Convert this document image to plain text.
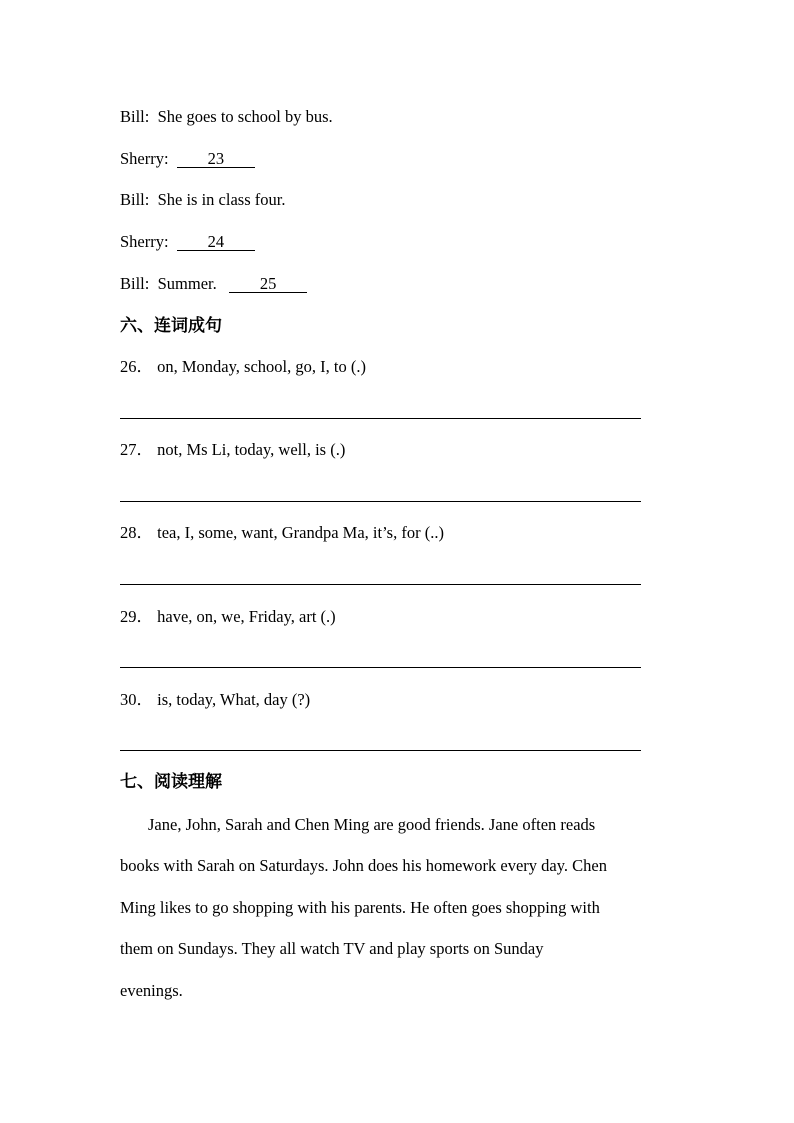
Bill: She goes to school by bus.
Sherry: 23
Bill: She is in class four.
Sherry: 24
Bill: Summer.	25
六、连词成句
26． on, Monday, school, go, I, to (.)
27． not, Ms Li, today, well, is (.)
28． tea, I, some, want, Grandpa Ma, it’s, for (..)
29． have, on, we, Friday, art (.)
30． is, today, What, day (?)
七、阅读理解
Jane, John, Sarah and Chen Ming are good friends. Jane often reads
books with Sarah on Saturdays. John does his homework every day. Chen
Ming likes to go shopping with his parents. He often goes shopping with
them on Sundays. They all watch TV and play sports on Sunday
evenings.
